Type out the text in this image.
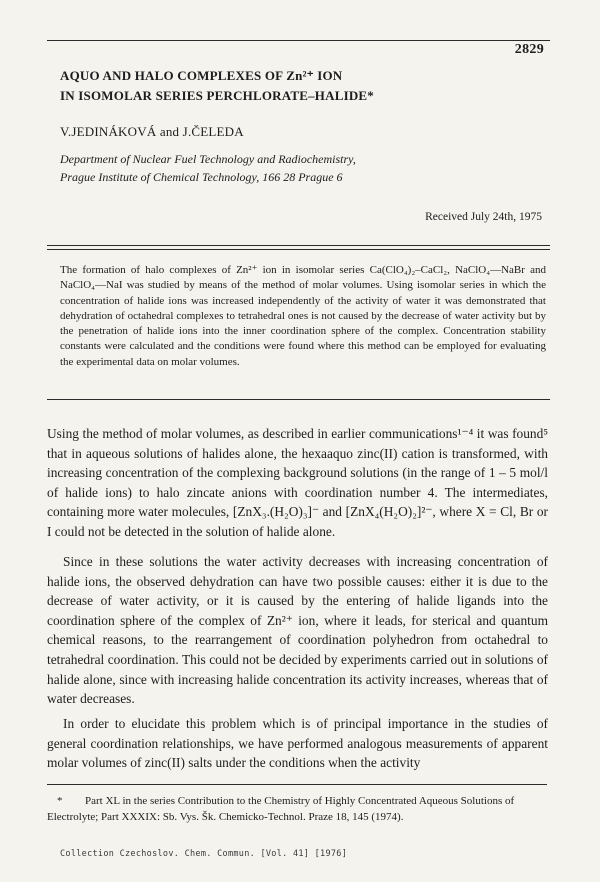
2829
AQUO AND HALO COMPLEXES OF Zn²⁺ ION
IN ISOMOLAR SERIES PERCHLORATE–HALIDE*
V.JEDINÁKOVÁ and J.ČELEDA
Department of Nuclear Fuel Technology and Radiochemistry,
Prague Institute of Chemical Technology, 166 28 Prague 6
Received July 24th, 1975
The formation of halo complexes of Zn²⁺ ion in isomolar series Ca(ClO₄)₂–CaCl₂, NaClO₄––NaBr and NaClO₄—NaI was studied by means of the method of molar volumes. Using isomolar series in which the concentration of halide ions was increased independently of the activity of water it was demonstrated that dehydration of octahedral complexes to tetrahedral ones is not caused by the decrease of water activity but by the penetration of halide ions into the inner coordination sphere of the complex. Concentration stability constants were calculated and the conditions were found where this method can be employed for evaluating the experimental data on molar volumes.
Using the method of molar volumes, as described in earlier communications¹⁻⁴ it was found⁵ that in aqueous solutions of halides alone, the hexaaquo zinc(II) cation is transformed, with increasing concentration of the complexing background solutions (in the range of 1 – 5 mol/l of halide ions) to halo zincate anions with coordination number 4. The intermediates, containing more water molecules, [ZnX₃.(H₂O)₃]⁻ and [ZnX₄(H₂O)₂]²⁻, where X = Cl, Br or I could not be detected in the solution of halide alone.
Since in these solutions the water activity decreases with increasing concentration of halide ions, the observed dehydration can have two possible causes: either it is due to the decrease of water activity, or it is caused by the entering of halide ligands into the coordination sphere of the complex of Zn²⁺ ion, where it leads, for sterical and quantum chemical reasons, to the rearrangement of coordination polyhedron from octahedral to tetrahedral coordination. This could not be decided by experiments carried out in solutions of halide alone, since with increasing halide concentration its activity increases, whereas that of water decreases.
In order to elucidate this problem which is of principal importance in the studies of general coordination relationships, we have performed analogous measurements of apparent molar volumes of zinc(II) salts under the conditions when the activity
* Part XL in the series Contribution to the Chemistry of Highly Concentrated Aqueous Solutions of Electrolyte; Part XXXIX: Sb. Vys. Šk. Chemicko-Technol. Praze 18, 145 (1974).
Collection Czechoslov. Chem. Commun. [Vol. 41] [1976]
